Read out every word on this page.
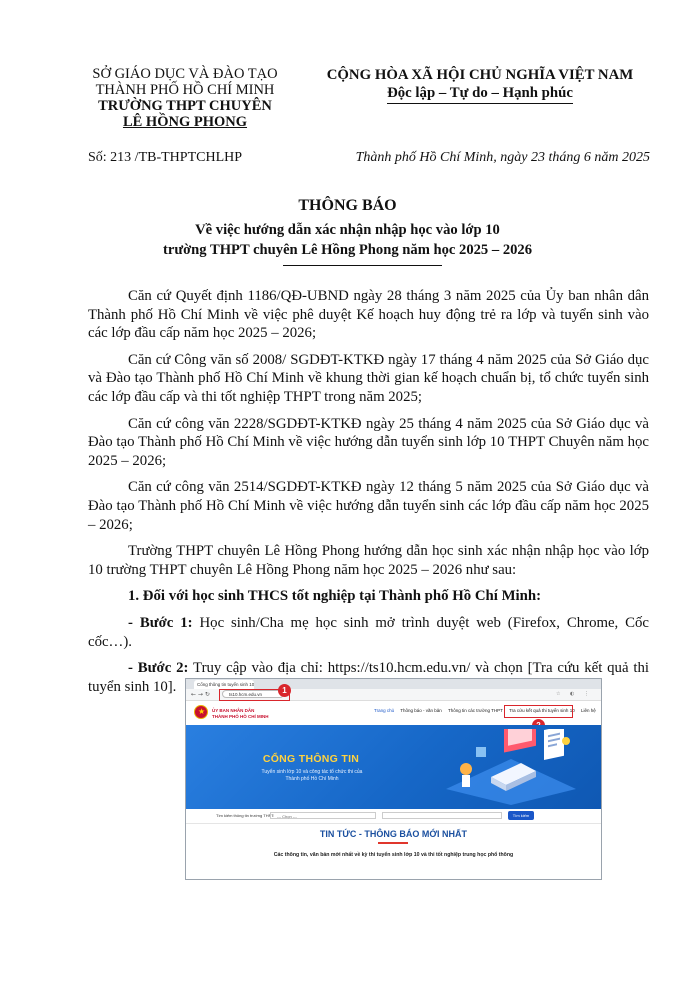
SỞ GIÁO DỤC VÀ ĐÀO TẠO
THÀNH PHỐ HỒ CHÍ MINH
TRƯỜNG THPT CHUYÊN
LÊ HỒNG PHONG
CỘNG HÒA XÃ HỘI CHỦ NGHĨA VIỆT NAM
Độc lập – Tự do – Hạnh phúc
Số: 213 /TB-THPTCHLHP	Thành phố Hồ Chí Minh, ngày 23 tháng 6 năm 2025
THÔNG BÁO
Về việc hướng dẫn xác nhận nhập học vào lớp 10
trường THPT chuyên Lê Hồng Phong năm học 2025 – 2026

Căn cứ Quyết định 1186/QĐ-UBND ngày 28 tháng 3 năm 2025 của Ủy ban nhân dân Thành phố Hồ Chí Minh về việc phê duyệt Kế hoạch huy động trẻ ra lớp và tuyển sinh vào các lớp đầu cấp năm học 2025 – 2026;

Căn cứ Công văn số 2008/ SGDĐT-KTKĐ ngày 17 tháng 4 năm 2025 của Sở Giáo dục và Đào tạo Thành phố Hồ Chí Minh về khung thời gian kế hoạch chuẩn bị, tổ chức tuyển sinh các lớp đầu cấp và thi tốt nghiệp THPT trong năm 2025;

Căn cứ công văn 2228/SGDĐT-KTKĐ ngày 25 tháng 4 năm 2025 của Sở Giáo dục và Đào tạo Thành phố Hồ Chí Minh về việc hướng dẫn tuyển sinh lớp 10 THPT Chuyên năm học 2025 – 2026;

Căn cứ công văn 2514/SGDĐT-KTKĐ ngày 12 tháng 5 năm 2025 của Sở Giáo dục và Đào tạo Thành phố Hồ Chí Minh về việc hướng dẫn tuyển sinh các lớp đầu cấp năm học 2025 – 2026;

Trường THPT chuyên Lê Hồng Phong hướng dẫn học sinh xác nhận nhập học vào lớp 10 trường THPT chuyên Lê Hồng Phong năm học 2025 – 2026 như sau:

1. Đối với học sinh THCS tốt nghiệp tại Thành phố Hồ Chí Minh:

- Bước 1: Học sinh/Cha mẹ học sinh mở trình duyệt web (Firefox, Chrome, Cốc cốc…).

- Bước 2: Truy cập vào địa chỉ: https://ts10.hcm.edu.vn/ và chọn [Tra cứu kết quả thi tuyển sinh 10].	Cổng thông tin tuyển sinh 10
← → ↻	ts10.hcm.edu.vn	☆ ◐ ⋮
1
★ ỦY BAN NHÂN DÂN
THÀNH PHỐ HỒ CHÍ MINH
Trang chủ Thông báo - văn bản Thông tin các trường THPT Tra cứu kết quả thi tuyển sinh 10 Liên hệ
CỔNG THÔNG TIN
Tuyển sinh lớp 10 và công tác tổ chức thi của
Thành phố Hồ Chí Minh
Tìm kiếm thông tin trường THPT: --- Chọn ---	Tìm kiếm
TIN TỨC - THÔNG BÁO MỚI NHẤT
Các thông tin, văn bản mới nhất về kỳ thi tuyển sinh lớp 10 và thi tốt nghiệp trung học phổ thông
